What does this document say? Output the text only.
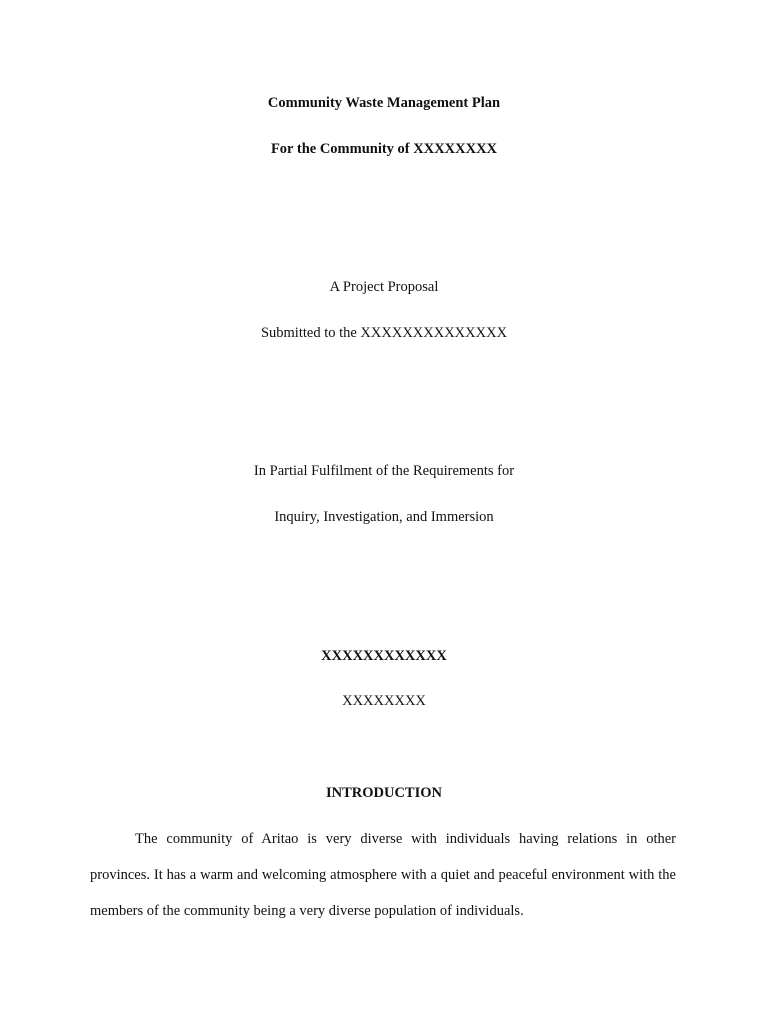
Community Waste Management Plan
For the Community of XXXXXXXX
A Project Proposal
Submitted to the XXXXXXXXXXXXXX
In Partial Fulfilment of the Requirements for
Inquiry, Investigation, and Immersion
XXXXXXXXXXXX
XXXXXXXX
INTRODUCTION
The community of Aritao is very diverse with individuals having relations in other provinces. It has a warm and welcoming atmosphere with a quiet and peaceful environment with the members of the community being a very diverse population of individuals.
